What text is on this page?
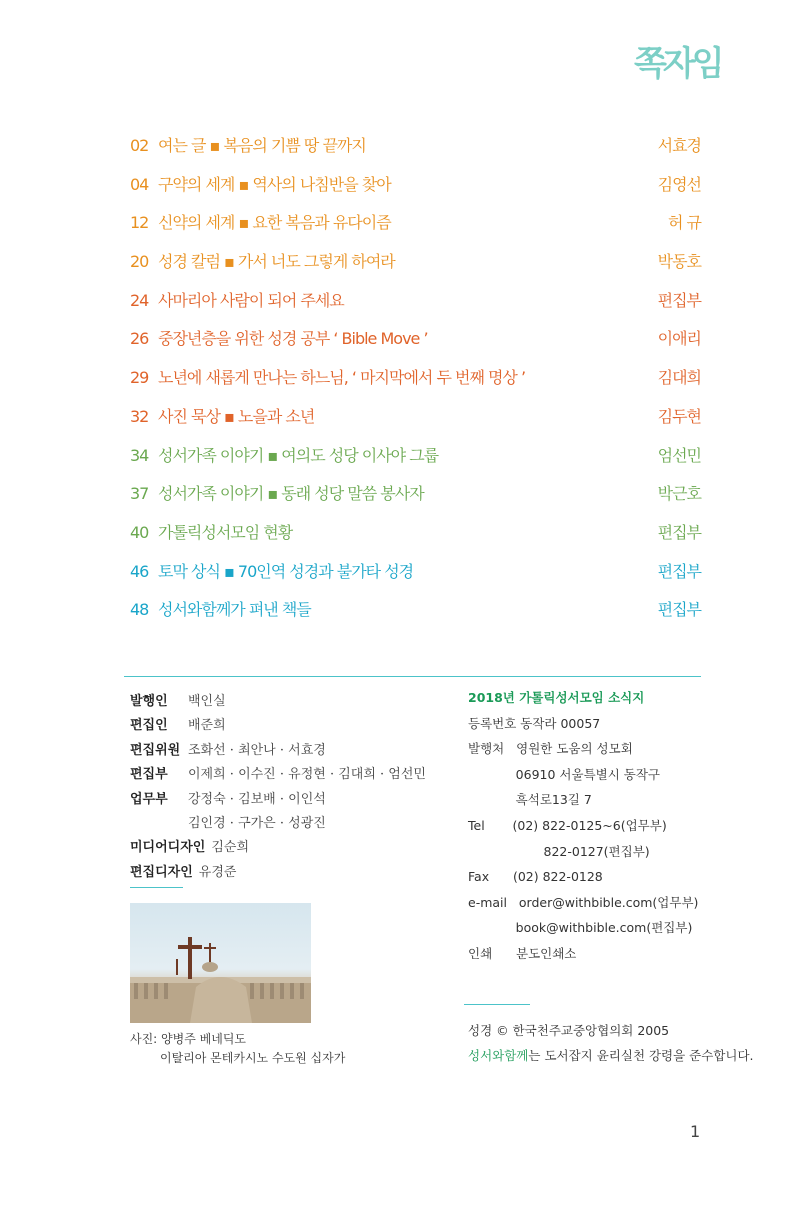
쪽자임
02 여는 글 ▪ 복음의 기쁨 땅 끝까지	서효경
04 구약의 세계 ▪ 역사의 나침반을 찾아	김영선
12 신약의 세계 ▪ 요한 복음과 유다이즘	허 규
20 성경 칼럼 ▪ 가서 너도 그렇게 하여라	박동호
24 사마리아 사람이 되어 주세요	편집부
26 중장년층을 위한 성경 공부 ‘ Bible Move ’	이애리
29 노년에 새롭게 만나는 하느님, ‘ 마지막에서 두 번째 명상 ’	김대희
32 사진 묵상 ▪ 노을과 소년	김두현
34 성서가족 이야기 ▪ 여의도 성당 이사야 그룹	엄선민
37 성서가족 이야기 ▪ 동래 성당 말씀 봉사자	박근호
40 가톨릭성서모임 현황	편집부
46 토막 상식 ▪ 70인역 성경과 불가타 성경	편집부
48 성서와함께가 펴낸 책들	편집부
발행인 백인실
편집인 배준희
편집위원 조화선 · 최안나 · 서효경
편집부 이제희 · 이수진 · 유정현 · 김대희 · 엄선민
업무부 강정숙 · 김보배 · 이인석
김인경 · 구가은 · 성광진
미디어디자인 김순희
편집디자인 유경준
사진: 양병주 베네딕도
이탈리아 몬테카시노 수도원 십자가
2018년 가톨릭성서모임 소식지
등록번호 동작라 00057
발행처   영원한 도움의 성모회
06910 서울특별시 동작구
흑석로13길 7
Tel       (02) 822-0125~6(업무부)
822-0127(편집부)
Fax      (02) 822-0128
e-mail   order@withbible.com(업무부)
book@withbible.com(편집부)
인쇄      분도인쇄소
성경 © 한국천주교중앙협의회 2005
성서와함께는 도서잡지 윤리실천 강령을 준수합니다.
1
